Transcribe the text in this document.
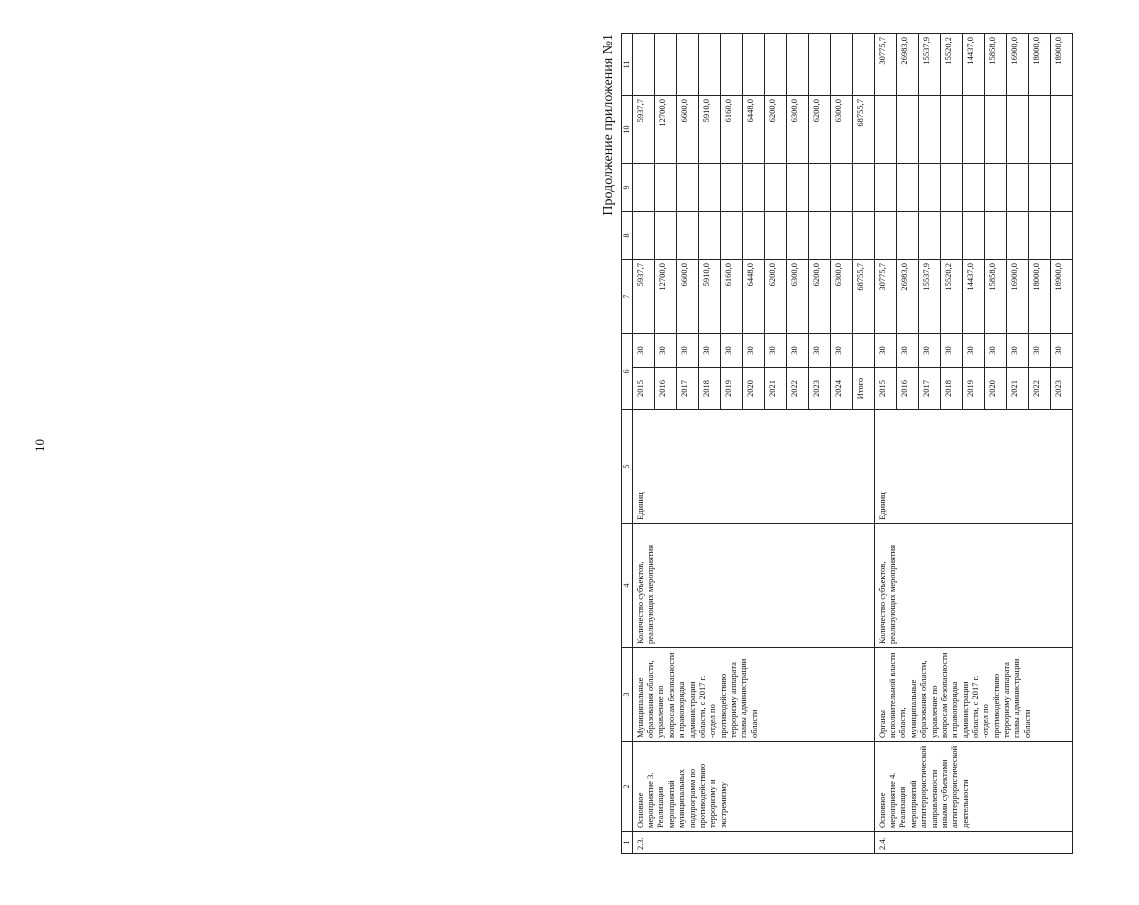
10
Продолжение приложения №1
1	2	3	4	5	6		7	8	9	10	11
2.3.	Основное мероприятие 3. Реализация мероприятий муниципальных подпрограмм по противодействию терроризму и экстремизму	Муниципальные образования области, управление по вопросам безопасности и правопорядка администрации области, с 2017 г. -отдел по противодействию терроризму аппарата главы администрации области	Количество субъектов, реализующих мероприятия	Единиц	2015	30	5937,7			5937,7	
					2016	30	12700,0			12700,0	
					2017	30	6600,0			6600,0	
					2018	30	5910,0			5910,0	
					2019	30	6160,0			6160,0	
					2020	30	6448,0			6448,0	
					2021	30	6200,0			6200,0	
					2022	30	6300,0			6300,0	
					2023	30	6200,0			6200,0	
					2024	30	6300,0			6300,0	
					Итого		68755,7			68755,7	
2.4.	Основное мероприятие 4. Реализация мероприятий антитеррористической направленности иными субъектами антитеррористической деятельности	Органы исполнительной власти области, муниципальные образования области, управление по вопросам безопасности и правопорядка администрации области, с 2017 г. -отдел по противодействию терроризму аппарата главы администрации области	Количество субъектов, реализующих мероприятия	Единиц	2015	30	30775,7				30775,7
					2016	30	26983,0				26983,0
					2017	30	15537,9				15537,9
					2018	30	15520,2				15520,2
					2019	30	14437,0				14437,0
					2020	30	15858,0				15858,0
					2021	30	16900,0				16900,0
					2022	30	18000,0				18000,0
					2023	30	18900,0				18900,0
